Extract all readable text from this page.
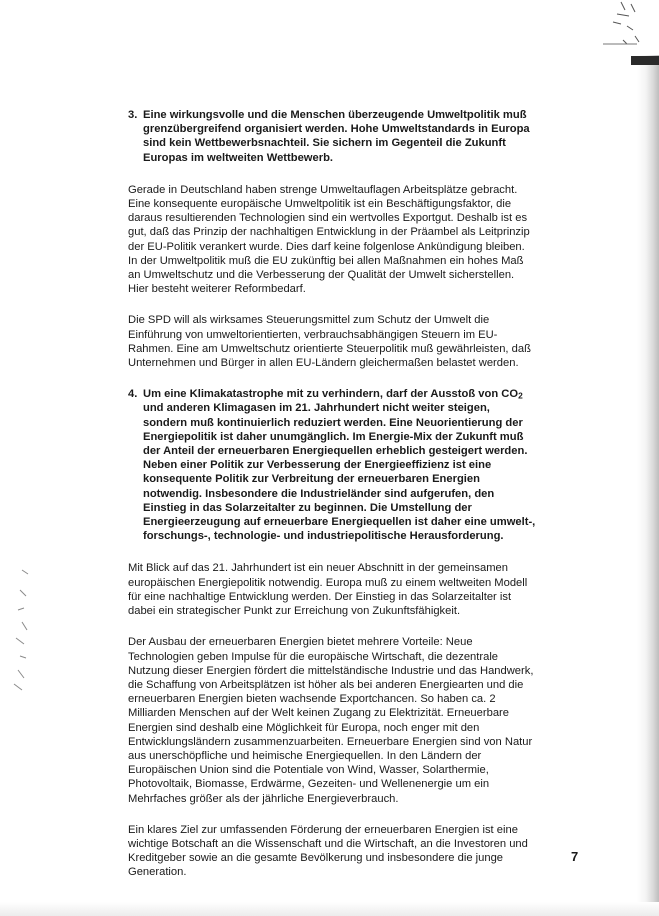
3. Eine wirkungsvolle und die Menschen überzeugende Umweltpolitik muß grenzübergreifend organisiert werden. Hohe Umweltstandards in Europa sind kein Wettbewerbsnachteil. Sie sichern im Gegenteil die Zukunft Europas im weltweiten Wettbewerb.

Gerade in Deutschland haben strenge Umweltauflagen Arbeitsplätze gebracht. Eine konsequente europäische Umweltpolitik ist ein Beschäftigungsfaktor, die daraus resultierenden Technologien sind ein wertvolles Exportgut. Deshalb ist es gut, daß das Prinzip der nachhaltigen Entwicklung in der Präambel als Leitprinzip der EU-Politik verankert wurde. Dies darf keine folgenlose Ankündigung bleiben. In der Umweltpolitik muß die EU zukünftig bei allen Maßnahmen ein hohes Maß an Umweltschutz und die Verbesserung der Qualität der Umwelt sicherstellen. Hier besteht weiterer Reformbedarf.

Die SPD will als wirksames Steuerungsmittel zum Schutz der Umwelt die Einführung von umweltorientierten, verbrauchsabhängigen Steuern im EU-Rahmen. Eine am Umweltschutz orientierte Steuerpolitik muß gewährleisten, daß Unternehmen und Bürger in allen EU-Ländern gleichermaßen belastet werden.

4. Um eine Klimakatastrophe mit zu verhindern, darf der Ausstoß von $CO_2$ und anderen Klimagasen im 21. Jahrhundert nicht weiter steigen, sondern muß kontinuierlich reduziert werden. Eine Neuorientierung der Energiepolitik ist daher unumgänglich. Im Energie-Mix der Zukunft muß der Anteil der erneuerbaren Energiequellen erheblich gesteigert werden. Neben einer Politik zur Verbesserung der Energieeffizienz ist eine konsequente Politik zur Verbreitung der erneuerbaren Energien notwendig. Insbesondere die Industrieländer sind aufgerufen, den Einstieg in das Solarzeitalter zu beginnen. Die Umstellung der Energieerzeugung auf erneuerbare Energiequellen ist daher eine umwelt-, forschungs-, technologie- und industriepolitische Herausforderung.

Mit Blick auf das 21. Jahrhundert ist ein neuer Abschnitt in der gemeinsamen europäischen Energiepolitik notwendig. Europa muß zu einem weltweiten Modell für eine nachhaltige Entwicklung werden. Der Einstieg in das Solarzeitalter ist dabei ein strategischer Punkt zur Erreichung von Zukunftsfähigkeit.

Der Ausbau der erneuerbaren Energien bietet mehrere Vorteile: Neue Technologien geben Impulse für die europäische Wirtschaft, die dezentrale Nutzung dieser Energien fördert die mittelständische Industrie und das Handwerk, die Schaffung von Arbeitsplätzen ist höher als bei anderen Energiearten und die erneuerbaren Energien bieten wachsende Exportchancen. So haben ca. 2 Milliarden Menschen auf der Welt keinen Zugang zu Elektrizität. Erneuerbare Energien sind deshalb eine Möglichkeit für Europa, noch enger mit den Entwicklungsländern zusammenzuarbeiten. Erneuerbare Energien sind von Natur aus unerschöpfliche und heimische Energiequellen. In den Ländern der Europäischen Union sind die Potentiale von Wind, Wasser, Solarthermie, Photovoltaik, Biomasse, Erdwärme, Gezeiten- und Wellenenergie um ein Mehrfaches größer als der jährliche Energieverbrauch.

Ein klares Ziel zur umfassenden Förderung der erneuerbaren Energien ist eine wichtige Botschaft an die Wissenschaft und die Wirtschaft, an die Investoren und Kreditgeber sowie an die gesamte Bevölkerung und insbesondere die junge Generation.

7
